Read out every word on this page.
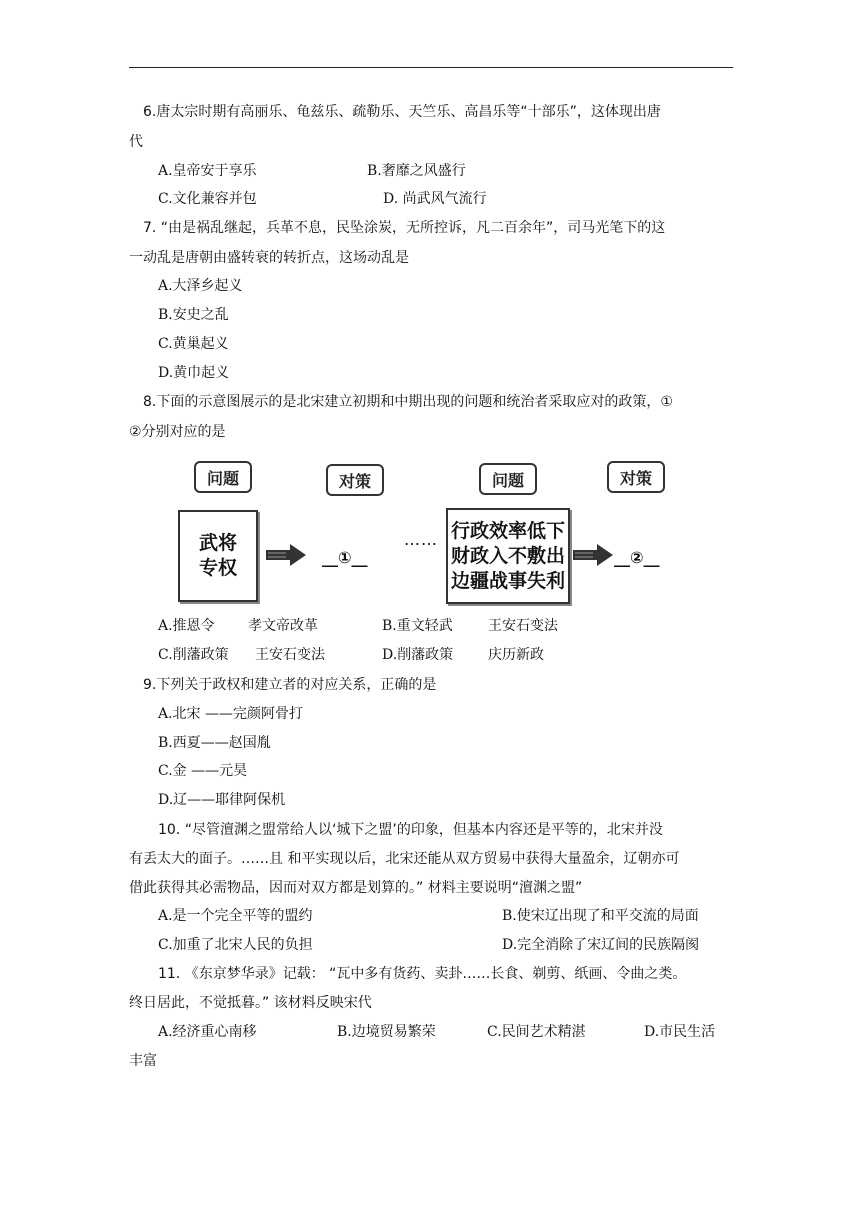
6.唐太宗时期有高丽乐、龟兹乐、疏勒乐、天竺乐、高昌乐等“十部乐”，这体现出唐
代
A.皇帝安于享乐	B.奢靡之风盛行
C.文化兼容并包	D. 尚武风气流行
7. “由是祸乱继起，兵革不息，民坠涂炭，无所控诉，凡二百余年”，司马光笔下的这
一动乱是唐朝由盛转衰的转折点，这场动乱是
A.大泽乡起义
B.安史之乱
C.黄巢起义
D.黄巾起义
8.下面的示意图展示的是北宋建立初期和中期出现的问题和统治者采取应对的政策，①
②分别对应的是
问题	对策	问题	对策
武将
专权	__①__
…… 行政效率低下
财政入不敷出
边疆战事失利
__②__
A.推恩令 孝文帝改革	B.重文轻武	王安石变法
C.削藩政策 王安石变法	D.削藩政策 庆历新政
9.下列关于政权和建立者的对应关系，正确的是
A.北宋 ——完颜阿骨打
B.西夏——赵国胤
C.金 ——元昊
D.辽——耶律阿保机
10. “尽管澶渊之盟常给人以‘城下之盟’的印象，但基本内容还是平等的，北宋并没
有丢太大的面子。……且 和平实现以后，北宋还能从双方贸易中获得大量盈余，辽朝亦可
借此获得其必需物品，因而对双方都是划算的。” 材料主要说明“澶渊之盟”
A.是一个完全平等的盟约	B.使宋辽出现了和平交流的局面
C.加重了北宋人民的负担	D.完全消除了宋辽间的民族隔阂
11. 《东京梦华录》记载： “瓦中多有货药、卖卦……长食、剃剪、纸画、令曲之类。
终日居此，不觉抵暮。” 该材料反映宋代
A.经济重心南移	B.边境贸易繁荣	C.民间艺术精湛	D.市民生活
丰富
